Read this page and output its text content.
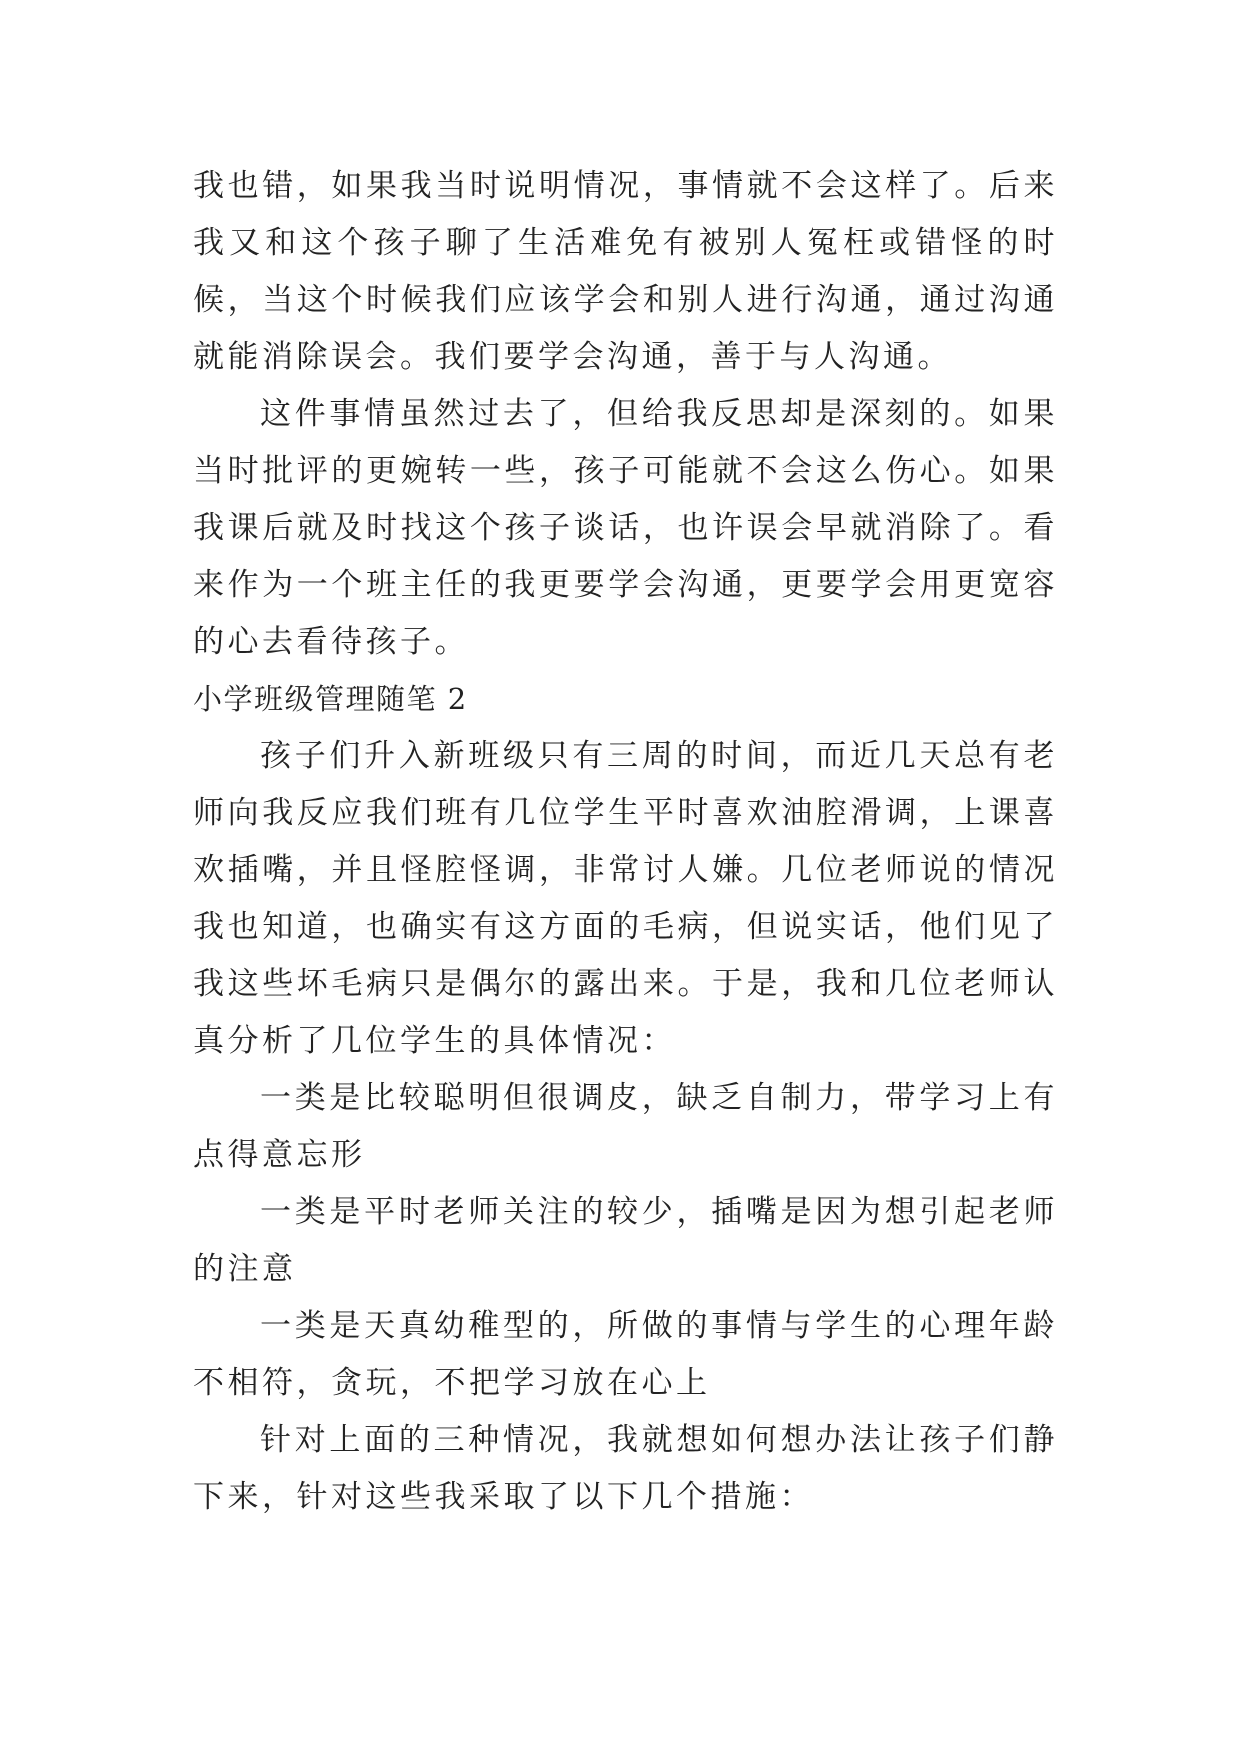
我也错，如果我当时说明情况，事情就不会这样了。后来我又和这个孩子聊了生活难免有被别人冤枉或错怪的时候，当这个时候我们应该学会和别人进行沟通，通过沟通就能消除误会。我们要学会沟通，善于与人沟通。

这件事情虽然过去了，但给我反思却是深刻的。如果当时批评的更婉转一些，孩子可能就不会这么伤心。如果我课后就及时找这个孩子谈话，也许误会早就消除了。看来作为一个班主任的我更要学会沟通，更要学会用更宽容的心去看待孩子。

小学班级管理随笔 2

孩子们升入新班级只有三周的时间，而近几天总有老师向我反应我们班有几位学生平时喜欢油腔滑调，上课喜欢插嘴，并且怪腔怪调，非常讨人嫌。几位老师说的情况我也知道，也确实有这方面的毛病，但说实话，他们见了我这些坏毛病只是偶尔的露出来。于是，我和几位老师认真分析了几位学生的具体情况：

一类是比较聪明但很调皮，缺乏自制力，带学习上有点得意忘形

一类是平时老师关注的较少，插嘴是因为想引起老师的注意

一类是天真幼稚型的，所做的事情与学生的心理年龄不相符，贪玩，不把学习放在心上

针对上面的三种情况，我就想如何想办法让孩子们静下来，针对这些我采取了以下几个措施：
